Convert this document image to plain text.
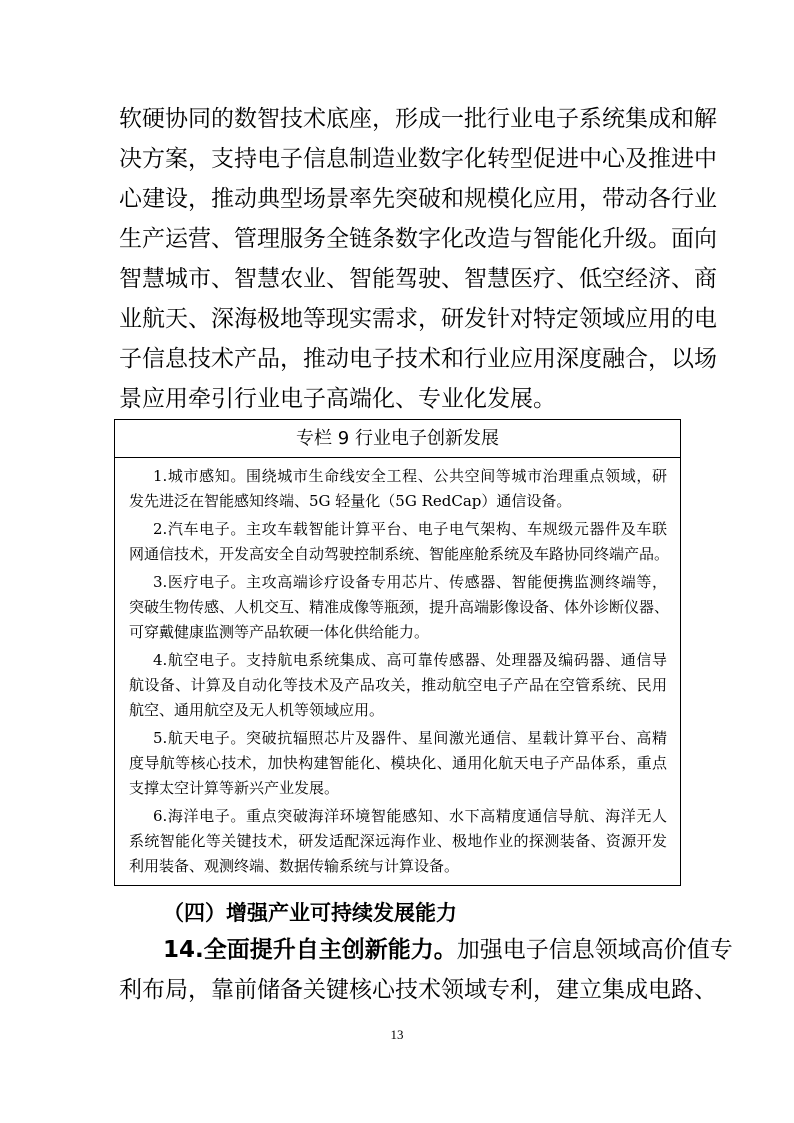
软硬协同的数智技术底座，形成一批行业电子系统集成和解
决方案，支持电子信息制造业数字化转型促进中心及推进中
心建设，推动典型场景率先突破和规模化应用，带动各行业
生产运营、管理服务全链条数字化改造与智能化升级。面向
智慧城市、智慧农业、智能驾驶、智慧医疗、低空经济、商
业航天、深海极地等现实需求，研发针对特定领域应用的电
子信息技术产品，推动电子技术和行业应用深度融合，以场
景应用牵引行业电子高端化、专业化发展。
专栏 9 行业电子创新发展
1.城市感知。围绕城市生命线安全工程、公共空间等城市治理重点领域，研
发先进泛在智能感知终端、5G 轻量化（5G RedCap）通信设备。
2.汽车电子。主攻车载智能计算平台、电子电气架构、车规级元器件及车联
网通信技术，开发高安全自动驾驶控制系统、智能座舱系统及车路协同终端产品。
3.医疗电子。主攻高端诊疗设备专用芯片、传感器、智能便携监测终端等，
突破生物传感、人机交互、精准成像等瓶颈，提升高端影像设备、体外诊断仪器、
可穿戴健康监测等产品软硬一体化供给能力。
4.航空电子。支持航电系统集成、高可靠传感器、处理器及编码器、通信导
航设备、计算及自动化等技术及产品攻关，推动航空电子产品在空管系统、民用
航空、通用航空及无人机等领域应用。
5.航天电子。突破抗辐照芯片及器件、星间激光通信、星载计算平台、高精
度导航等核心技术，加快构建智能化、模块化、通用化航天电子产品体系，重点
支撑太空计算等新兴产业发展。
6.海洋电子。重点突破海洋环境智能感知、水下高精度通信导航、海洋无人
系统智能化等关键技术，研发适配深远海作业、极地作业的探测装备、资源开发
利用装备、观测终端、数据传输系统与计算设备。
（四）增强产业可持续发展能力
14.全面提升自主创新能力。加强电子信息领域高价值专
利布局，靠前储备关键核心技术领域专利，建立集成电路、
13
